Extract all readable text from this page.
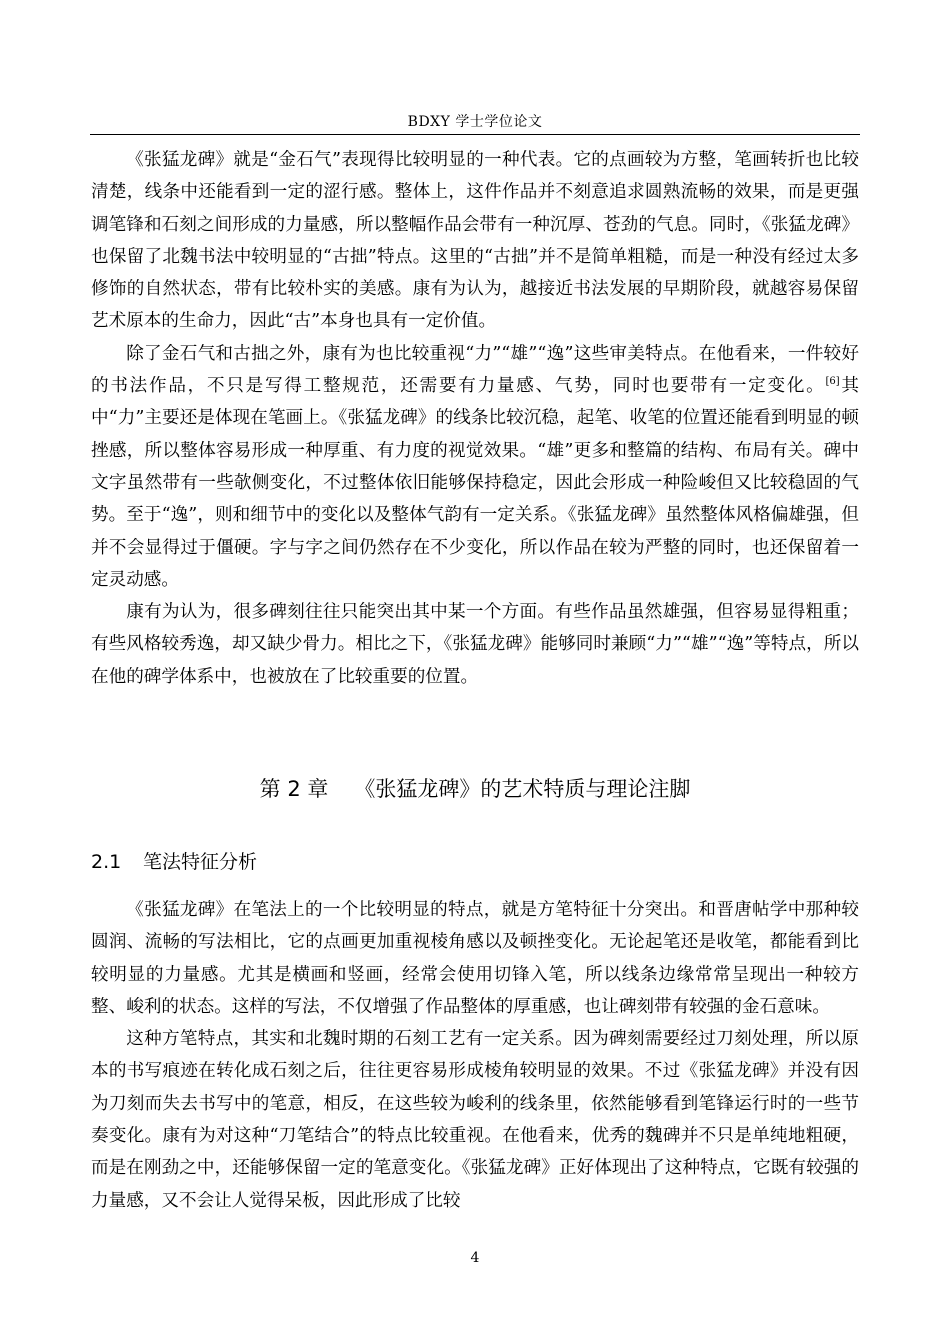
BDXY 学士学位论文

《张猛龙碑》就是“金石气”表现得比较明显的一种代表。它的点画较为方整，笔画转折也比较清楚，线条中还能看到一定的涩行感。整体上，这件作品并不刻意追求圆熟流畅的效果，而是更强调笔锋和石刻之间形成的力量感，所以整幅作品会带有一种沉厚、苍劲的气息。同时，《张猛龙碑》也保留了北魏书法中较明显的“古拙”特点。这里的“古拙”并不是简单粗糙，而是一种没有经过太多修饰的自然状态，带有比较朴实的美感。康有为认为，越接近书法发展的早期阶段，就越容易保留艺术原本的生命力，因此“古”本身也具有一定价值。

除了金石气和古拙之外，康有为也比较重视“力”“雄”“逸”这些审美特点。在他看来，一件较好的书法作品，不只是写得工整规范，还需要有力量感、气势，同时也要带有一定变化。[6]其中“力”主要还是体现在笔画上。《张猛龙碑》的线条比较沉稳，起笔、收笔的位置还能看到明显的顿挫感，所以整体容易形成一种厚重、有力度的视觉效果。“雄”更多和整篇的结构、布局有关。碑中文字虽然带有一些欹侧变化，不过整体依旧能够保持稳定，因此会形成一种险峻但又比较稳固的气势。至于“逸”，则和细节中的变化以及整体气韵有一定关系。《张猛龙碑》虽然整体风格偏雄强，但并不会显得过于僵硬。字与字之间仍然存在不少变化，所以作品在较为严整的同时，也还保留着一定灵动感。

康有为认为，很多碑刻往往只能突出其中某一个方面。有些作品虽然雄强，但容易显得粗重；有些风格较秀逸，却又缺少骨力。相比之下，《张猛龙碑》能够同时兼顾“力”“雄”“逸”等特点，所以在他的碑学体系中，也被放在了比较重要的位置。

第 2 章 《张猛龙碑》的艺术特质与理论注脚
2.1 笔法特征分析

《张猛龙碑》在笔法上的一个比较明显的特点，就是方笔特征十分突出。和晋唐帖学中那种较圆润、流畅的写法相比，它的点画更加重视棱角感以及顿挫变化。无论起笔还是收笔，都能看到比较明显的力量感。尤其是横画和竖画，经常会使用切锋入笔，所以线条边缘常常呈现出一种较方整、峻利的状态。这样的写法，不仅增强了作品整体的厚重感，也让碑刻带有较强的金石意味。

这种方笔特点，其实和北魏时期的石刻工艺有一定关系。因为碑刻需要经过刀刻处理，所以原本的书写痕迹在转化成石刻之后，往往更容易形成棱角较明显的效果。不过《张猛龙碑》并没有因为刀刻而失去书写中的笔意，相反，在这些较为峻利的线条里，依然能够看到笔锋运行时的一些节奏变化。康有为对这种“刀笔结合”的特点比较重视。在他看来，优秀的魏碑并不只是单纯地粗硬，而是在刚劲之中，还能够保留一定的笔意变化。《张猛龙碑》正好体现出了这种特点，它既有较强的力量感，又不会让人觉得呆板，因此形成了比较

4
